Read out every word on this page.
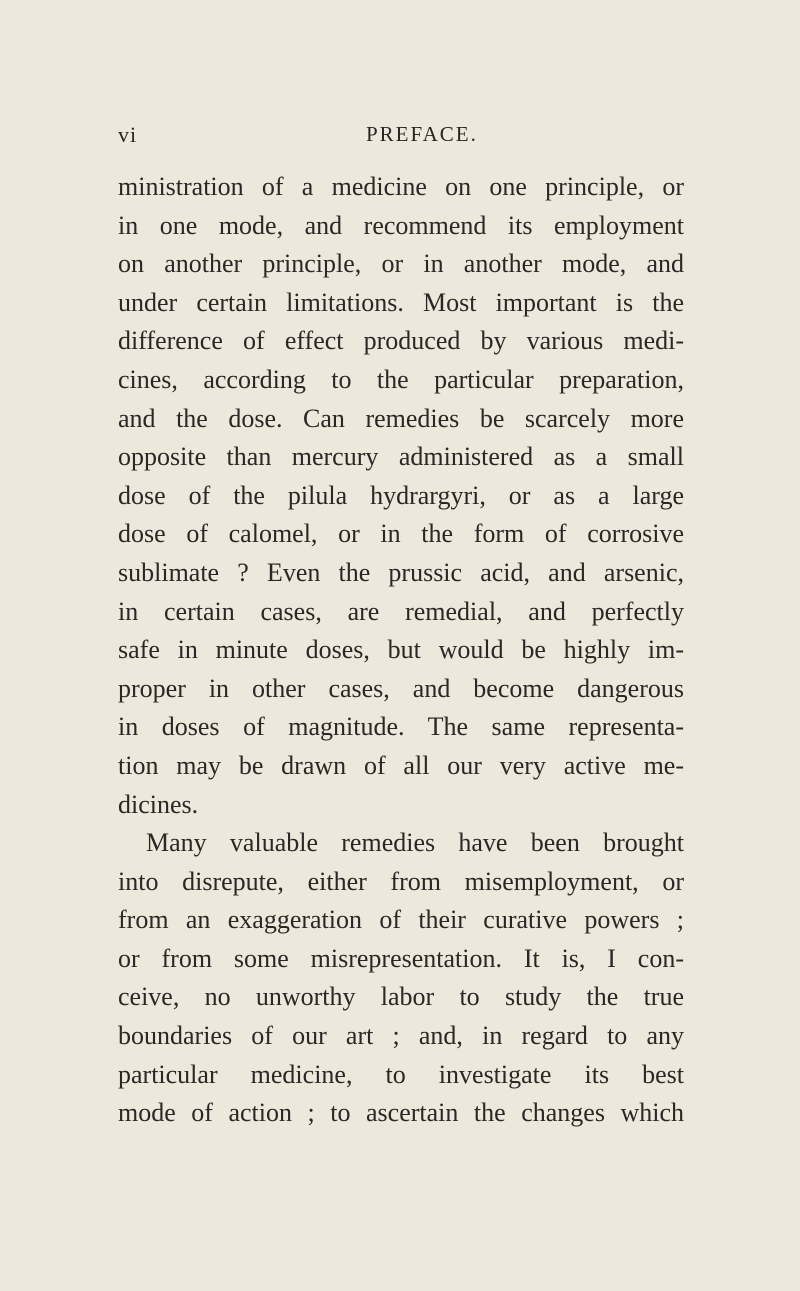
vi	PREFACE.
ministration of a medicine on one principle, or
in one mode, and recommend its employment
on another principle, or in another mode, and
under certain limitations. Most important is the
difference of effect produced by various medi-
cines, according to the particular preparation,
and the dose. Can remedies be scarcely more
opposite than mercury administered as a small
dose of the pilula hydrargyri, or as a large
dose of calomel, or in the form of corrosive
sublimate ? Even the prussic acid, and arsenic,
in certain cases, are remedial, and perfectly
safe in minute doses, but would be highly im-
proper in other cases, and become dangerous
in doses of magnitude. The same representa-
tion may be drawn of all our very active me-
dicines.
Many valuable remedies have been brought
into disrepute, either from misemployment, or
from an exaggeration of their curative powers ;
or from some misrepresentation. It is, I con-
ceive, no unworthy labor to study the true
boundaries of our art ; and, in regard to any
particular medicine, to investigate its best
mode of action ; to ascertain the changes which
